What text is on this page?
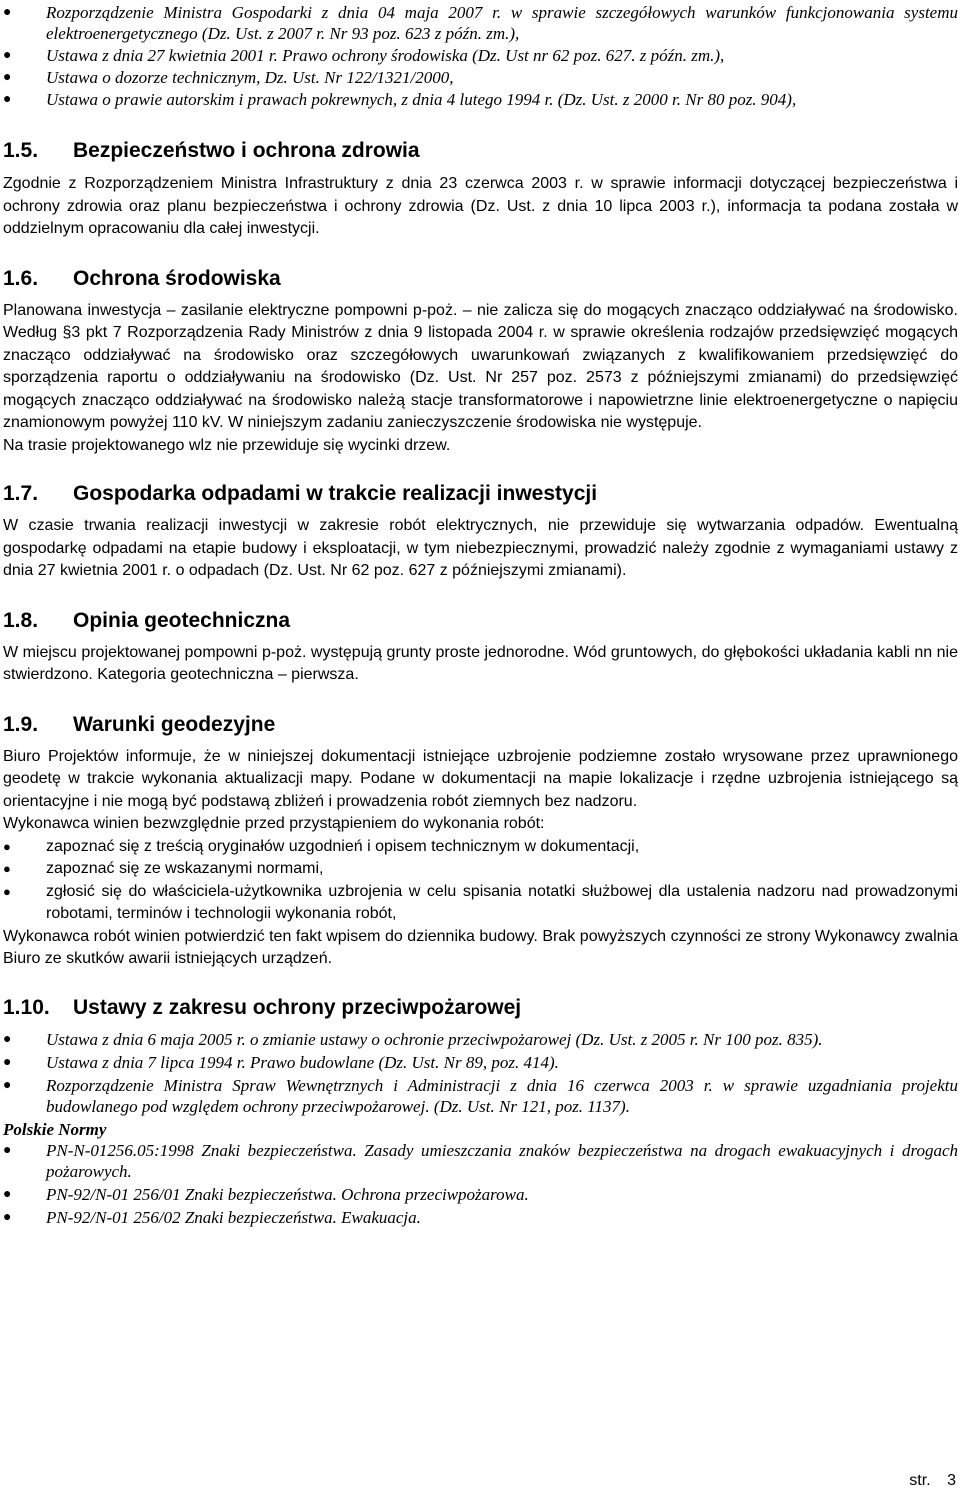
●	Rozporządzenie Ministra Gospodarki z dnia 04 maja 2007 r. w sprawie szczegółowych warunków funkcjonowania systemu elektroenergetycznego (Dz. Ust. z 2007 r. Nr 93 poz. 623 z późn. zm.),
●	Ustawa z dnia 27 kwietnia 2001 r. Prawo ochrony środowiska (Dz. Ust nr 62 poz. 627. z późn. zm.),
●	Ustawa o dozorze technicznym, Dz. Ust. Nr 122/1321/2000,
●	Ustawa o prawie autorskim i prawach pokrewnych, z dnia 4 lutego 1994 r. (Dz. Ust. z 2000 r. Nr 80 poz. 904),
1.5.	Bezpieczeństwo i ochrona zdrowia

Zgodnie z Rozporządzeniem Ministra Infrastruktury z dnia 23 czerwca 2003 r. w sprawie informacji dotyczącej bezpieczeństwa i ochrony zdrowia oraz planu bezpieczeństwa i ochrony zdrowia (Dz. Ust. z dnia 10 lipca 2003 r.), informacja ta podana została w oddzielnym opracowaniu dla całej inwestycji.

1.6.	Ochrona środowiska

Planowana inwestycja – zasilanie elektryczne pompowni p-poż. – nie zalicza się do mogących znacząco oddziaływać na środowisko. Według §3 pkt 7 Rozporządzenia Rady Ministrów z dnia 9 listopada 2004 r. w sprawie określenia rodzajów przedsięwzięć mogących znacząco oddziaływać na środowisko oraz szczegółowych uwarunkowań związanych z kwalifikowaniem przedsięwzięć do sporządzenia raportu o oddziaływaniu na środowisko (Dz. Ust. Nr 257 poz. 2573 z późniejszymi zmianami) do przedsięwzięć mogących znacząco oddziaływać na środowisko należą stacje transformatorowe i napowietrzne linie elektroenergetyczne o napięciu znamionowym powyżej 110 kV. W niniejszym zadaniu zanieczyszczenie środowiska nie występuje.

Na trasie projektowanego wlz nie przewiduje się wycinki drzew.

1.7.	Gospodarka odpadami w trakcie realizacji inwestycji

W czasie trwania realizacji inwestycji w zakresie robót elektrycznych, nie przewiduje się wytwarzania odpadów. Ewentualną gospodarkę odpadami na etapie budowy i eksploatacji, w tym niebezpiecznymi, prowadzić należy zgodnie z wymaganiami ustawy z dnia 27 kwietnia 2001 r. o odpadach (Dz. Ust. Nr 62 poz. 627 z późniejszymi zmianami).

1.8.	Opinia geotechniczna

W miejscu projektowanej pompowni p-poż. występują grunty proste jednorodne. Wód gruntowych, do głębokości układania kabli nn nie stwierdzono. Kategoria geotechniczna – pierwsza.

1.9.	Warunki geodezyjne

Biuro Projektów informuje, że w niniejszej dokumentacji istniejące uzbrojenie podziemne zostało wrysowane przez uprawnionego geodetę w trakcie wykonania aktualizacji mapy. Podane w dokumentacji na mapie lokalizacje i rzędne uzbrojenia istniejącego są orientacyjne i nie mogą być podstawą zbliżeń i prowadzenia robót ziemnych bez nadzoru.

Wykonawca winien bezwzględnie przed przystąpieniem do wykonania robót:

●	zapoznać się z treścią oryginałów uzgodnień i opisem technicznym w dokumentacji,
●	zapoznać się ze wskazanymi normami,
●	zgłosić się do właściciela-użytkownika uzbrojenia w celu spisania notatki służbowej dla ustalenia nadzoru nad prowadzonymi robotami, terminów i technologii wykonania robót,

Wykonawca robót winien potwierdzić ten fakt wpisem do dziennika budowy. Brak powyższych czynności ze strony Wykonawcy zwalnia Biuro ze skutków awarii istniejących urządzeń.

1.10.	Ustawy z zakresu ochrony przeciwpożarowej
●	Ustawa z dnia 6 maja 2005 r. o zmianie ustawy o ochronie przeciwpożarowej (Dz. Ust. z 2005 r. Nr 100 poz. 835).
●	Ustawa z dnia 7 lipca 1994 r. Prawo budowlane (Dz. Ust. Nr 89, poz. 414).
●	Rozporządzenie Ministra Spraw Wewnętrznych i Administracji z dnia 16 czerwca 2003 r. w sprawie uzgadniania projektu budowlanego pod względem ochrony przeciwpożarowej. (Dz. Ust. Nr 121, poz. 1137).

Polskie Normy

●	PN-N-01256.05:1998 Znaki bezpieczeństwa. Zasady umieszczania znaków bezpieczeństwa na drogach ewakuacyjnych i drogach pożarowych.
●	PN-92/N-01 256/01 Znaki bezpieczeństwa. Ochrona przeciwpożarowa.
●	PN-92/N-01 256/02 Znaki bezpieczeństwa. Ewakuacja.
str. 3
